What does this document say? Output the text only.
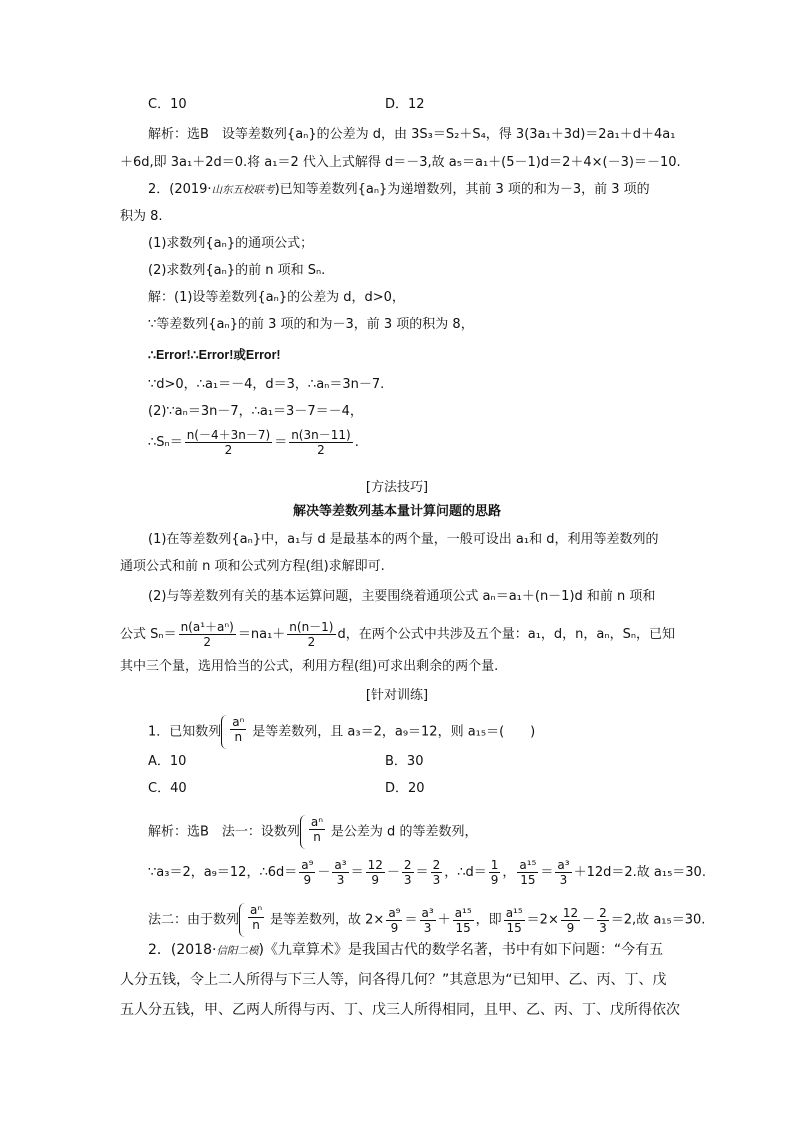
C．10	D．12
解析：选B　设等差数列{aₙ}的公差为 d，由 3S₃＝S₂＋S₄，得 3(3a₁＋3d)＝2a₁＋d＋4a₁
＋6d,即 3a₁＋2d＝0.将 a₁＝2 代入上式解得 d＝－3,故 a₅＝a₁＋(5－1)d＝2＋4×(－3)＝－10.
2．(2019·山东五校联考)已知等差数列{aₙ}为递增数列，其前 3 项的和为－3，前 3 项的
积为 8.
(1)求数列{aₙ}的通项公式；
(2)求数列{aₙ}的前 n 项和 Sₙ.
解：(1)设等差数列{aₙ}的公差为 d，d>0，
∵等差数列{aₙ}的前 3 项的和为－3，前 3 项的积为 8，
∴Error!∴Error!或Error!
∵d>0，∴a₁＝－4，d＝3，∴aₙ＝3n－7.
(2)∵aₙ＝3n－7，∴a₁＝3－7＝－4，
∴Sₙ＝ $\frac{n(-4+3n-7)}{2} = \frac{n(3n-11)}{2}$ .
[方法技巧]
解决等差数列基本量计算问题的思路
(1)在等差数列{aₙ}中，a₁与 d 是最基本的两个量，一般可设出 a₁和 d，利用等差数列的
通项公式和前 n 项和公式列方程(组)求解即可.
(2)与等差数列有关的基本运算问题，主要围绕着通项公式 aₙ＝a₁＋(n－1)d 和前 n 项和
公式 $S_n= \frac{\text{n(a¹＋aⁿ)}}{2} =na_1+ \frac{n(n-1)}{2}$ d，在两个公式中共涉及五个量：a₁，d，n，aₙ，Sₙ，已知
其中三个量，选用恰当的公式，利用方程(组)可求出剩余的两个量.
[针对训练]
1．已知数列 $\frac{\text{aⁿ}}{n}$ 是等差数列，且 a₃＝2，a₉＝12，则 a₁₅＝(　　)
A．10	B．30
C．40	D．20
解析：选B　法一：设数列 $\frac{\text{aⁿ}}{n}$ 是公差为 d 的等差数列，
∵a₃＝2，a₉＝12，∴6d＝ $\frac{\text{a⁹}}{9} - \frac{\text{a³}}{3} = \frac{12}{9} - \frac{2}{3} = \frac{2}{3}$ ，∴d＝ $\frac{1}{9}$ ， $\frac{\text{a¹⁵}}{15} = \frac{\text{a³}}{3} +12d=2$.故 a₁₅＝30.
法二：由于数列 $\frac{\text{aⁿ}}{n}$ 是等差数列，故 $2\times \frac{\text{a⁹}}{9} = \frac{\text{a³}}{3} + \frac{\text{a¹⁵}}{15}$ ，即 $\frac{\text{a¹⁵}}{15} =2\times \frac{12}{9} - \frac{2}{3} =2$,故 a₁₅＝30.
2．(2018·信阳二模)《九章算术》是我国古代的数学名著，书中有如下问题：“今有五
人分五钱，令上二人所得与下三人等，问各得几何？”其意思为“已知甲、乙、丙、丁、戊
五人分五钱，甲、乙两人所得与丙、丁、戊三人所得相同，且甲、乙、丙、丁、戊所得依次
